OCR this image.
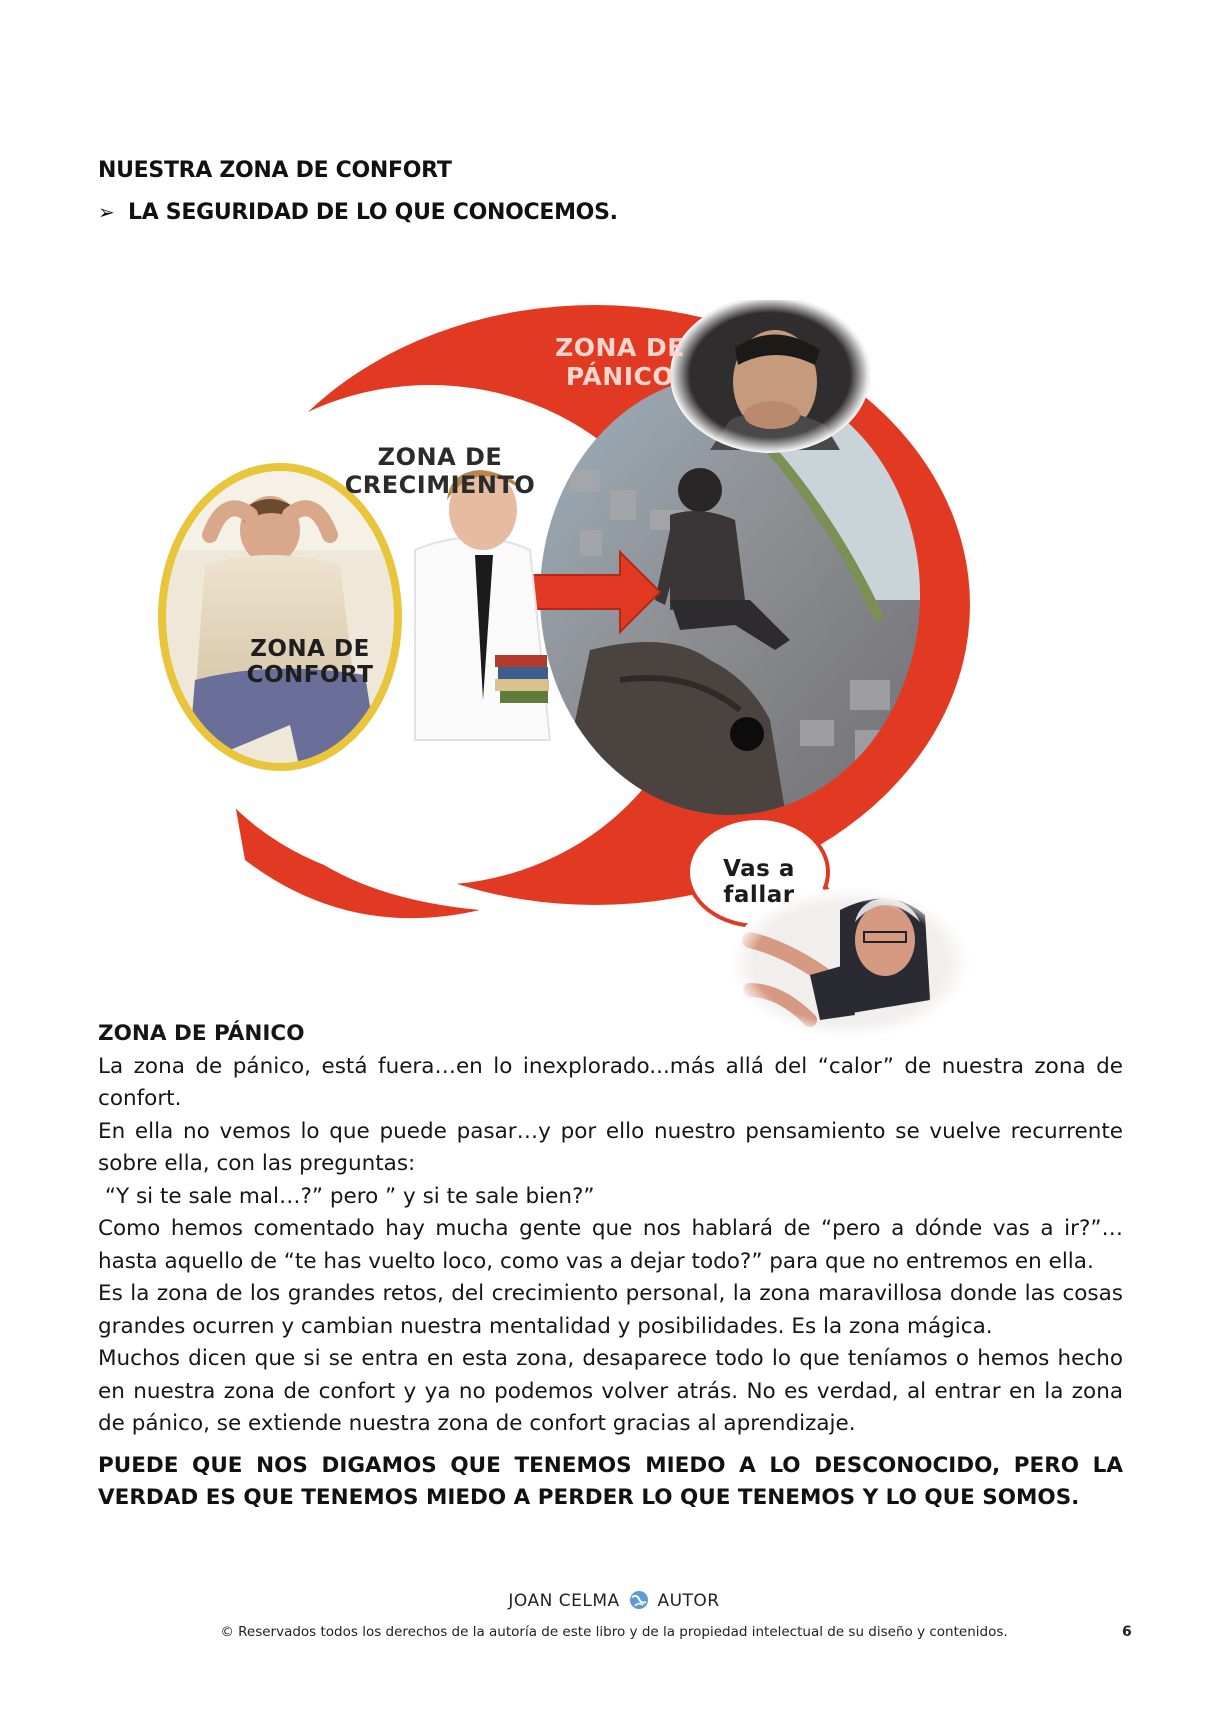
NUESTRA ZONA DE CONFORT
➢ LA SEGURIDAD DE LO QUE CONOCEMOS.
ZONA DE
PÁNICO
ZONA DE
CRECIMIENTO
ZONA DE
CONFORT
Vas a
fallar
ZONA DE PÁNICO

La zona de pánico, está fuera…en lo inexplorado...más allá del “calor” de nuestra zona de confort.

En ella no vemos lo que puede pasar…y por ello nuestro pensamiento se vuelve recurrente sobre ella, con las preguntas:

“Y si te sale mal…?” pero ” y si te sale bien?”

Como hemos comentado hay mucha gente que nos hablará de “pero a dónde vas a ir?”…hasta aquello de “te has vuelto loco, como vas a dejar todo?” para que no entremos en ella.

Es la zona de los grandes retos, del crecimiento personal, la zona maravillosa donde las cosas grandes ocurren y cambian nuestra mentalidad y posibilidades. Es la zona mágica.

Muchos dicen que si se entra en esta zona, desaparece todo lo que teníamos o hemos hecho en nuestra zona de confort y ya no podemos volver atrás. No es verdad, al entrar en la zona de pánico, se extiende nuestra zona de confort gracias al aprendizaje.

PUEDE QUE NOS DIGAMOS QUE TENEMOS MIEDO A LO DESCONOCIDO, PERO LA VERDAD ES QUE TENEMOS MIEDO A PERDER LO QUE TENEMOS Y LO QUE SOMOS.

JOAN CELMA AUTOR
© Reservados todos los derechos de la autoría de este libro y de la propiedad intelectual de su diseño y contenidos.	6
